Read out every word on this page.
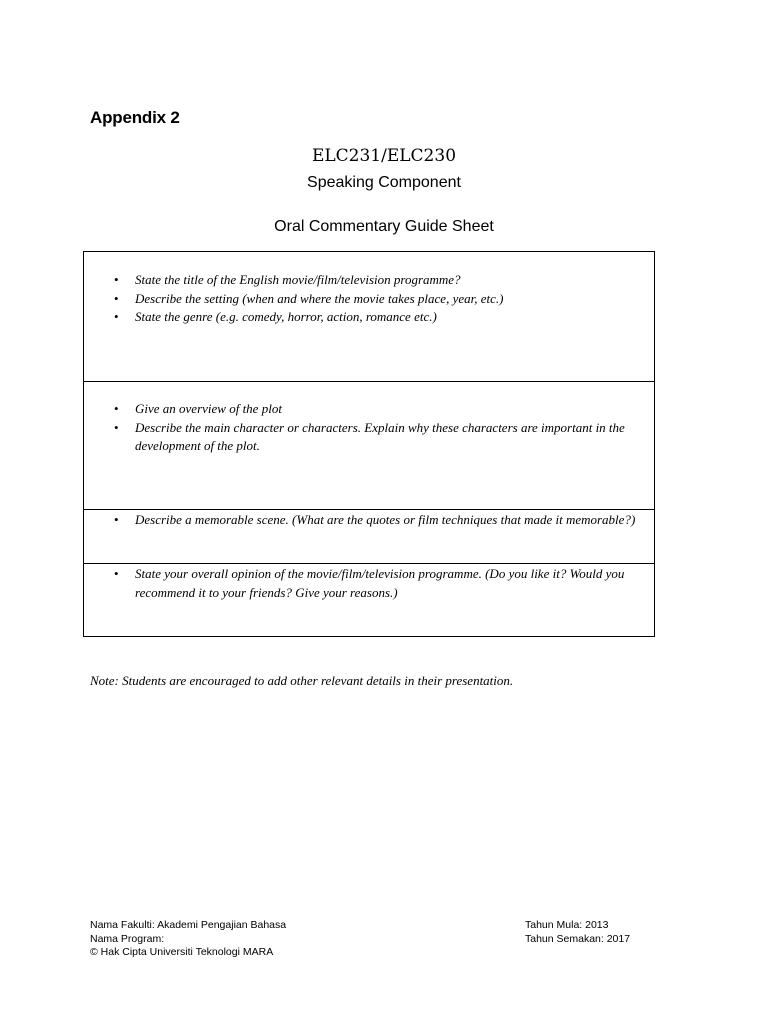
Appendix 2
ELC231/ELC230
Speaking Component
Oral Commentary Guide Sheet
• State the title of the English movie/film/television programme?
• Describe the setting (when and where the movie takes place, year, etc.)
• State the genre (e.g. comedy, horror, action, romance etc.)
• Give an overview of the plot
• Describe the main character or characters. Explain why these characters are important in the development of the plot.
• Describe a memorable scene. (What are the quotes or film techniques that made it memorable?)
• State your overall opinion of the movie/film/television programme. (Do you like it? Would you recommend it to your friends? Give your reasons.)
Note: Students are encouraged to add other relevant details in their presentation.
Nama Fakulti: Akademi Pengajian Bahasa
Nama Program:
© Hak Cipta Universiti Teknologi MARA
Tahun Mula: 2013
Tahun Semakan: 2017
